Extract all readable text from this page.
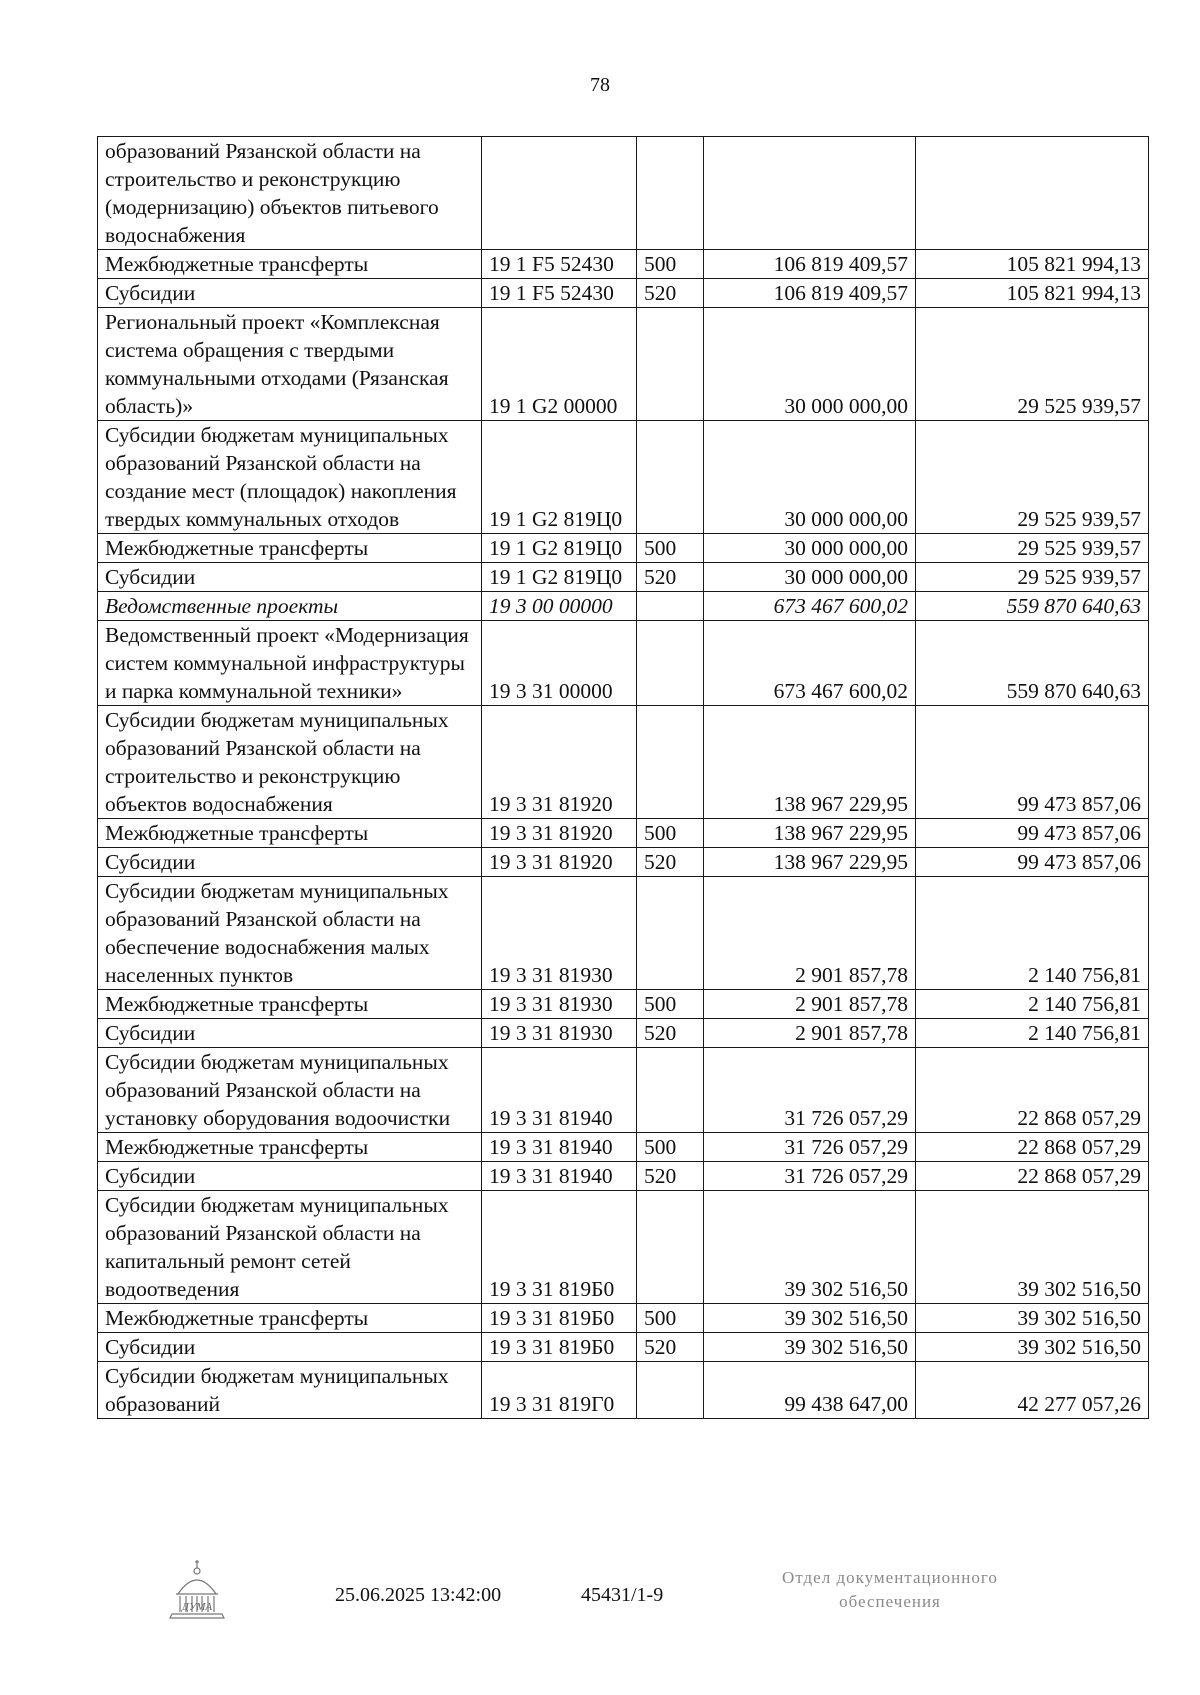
78
образований Рязанской области на строительство и реконструкцию (модернизацию) объектов питьевого водоснабжения				
Межбюджетные трансферты	19 1 F5 52430	500	106 819 409,57	105 821 994,13
Субсидии	19 1 F5 52430	520	106 819 409,57	105 821 994,13
Региональный проект «Комплексная система обращения с твердыми коммунальными отходами (Рязанская область)»	19 1 G2 00000		30 000 000,00	29 525 939,57
Субсидии бюджетам муниципальных образований Рязанской области на создание мест (площадок) накопления твердых коммунальных отходов	19 1 G2 819Ц0		30 000 000,00	29 525 939,57
Межбюджетные трансферты	19 1 G2 819Ц0	500	30 000 000,00	29 525 939,57
Субсидии	19 1 G2 819Ц0	520	30 000 000,00	29 525 939,57
Ведомственные проекты	19 3 00 00000		673 467 600,02	559 870 640,63
Ведомственный проект «Модернизация систем коммунальной инфраструктуры и парка коммунальной техники»	19 3 31 00000		673 467 600,02	559 870 640,63
Субсидии бюджетам муниципальных образований Рязанской области на строительство и реконструкцию объектов водоснабжения	19 3 31 81920		138 967 229,95	99 473 857,06
Межбюджетные трансферты	19 3 31 81920	500	138 967 229,95	99 473 857,06
Субсидии	19 3 31 81920	520	138 967 229,95	99 473 857,06
Субсидии бюджетам муниципальных образований Рязанской области на обеспечение водоснабжения малых населенных пунктов	19 3 31 81930		2 901 857,78	2 140 756,81
Межбюджетные трансферты	19 3 31 81930	500	2 901 857,78	2 140 756,81
Субсидии	19 3 31 81930	520	2 901 857,78	2 140 756,81
Субсидии бюджетам муниципальных образований Рязанской области на установку оборудования водоочистки	19 3 31 81940		31 726 057,29	22 868 057,29
Межбюджетные трансферты	19 3 31 81940	500	31 726 057,29	22 868 057,29
Субсидии	19 3 31 81940	520	31 726 057,29	22 868 057,29
Субсидии бюджетам муниципальных образований Рязанской области на капитальный ремонт сетей водоотведения	19 3 31 819Б0		39 302 516,50	39 302 516,50
Межбюджетные трансферты	19 3 31 819Б0	500	39 302 516,50	39 302 516,50
Субсидии	19 3 31 819Б0	520	39 302 516,50	39 302 516,50
Субсидии бюджетам муниципальных образований	19 3 31 819Г0		99 438 647,00	42 277 057,26
ДУМА
25.06.2025 13:42:00	45431/1-9
Отдел документационного
обеспечения
